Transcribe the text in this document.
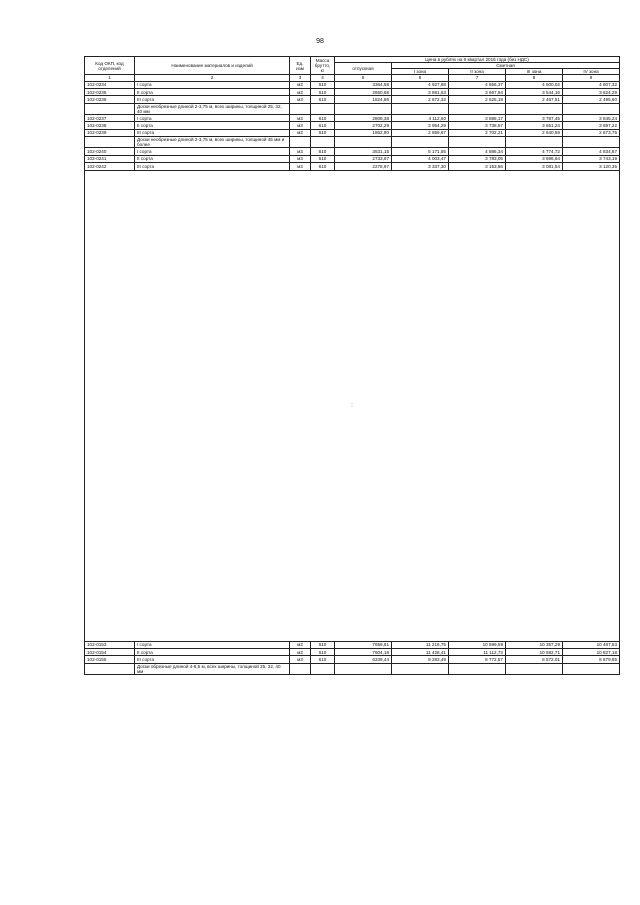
98
Код ОКП, код отделений	Наименование материалов и изделий	Ед. изм	Масса брутто, кг	Цена в рублях на II квартал 2016 года (без НДС)				
				отпускная	Сметная			
					I зона	II зона	III зона	IV зона
1	2	3	4	5	6	7	8	9
102-0234	I сорта	м3	610	3364,58	4 927,68	4 656,37	4 500,02	4 607,32
102-0235	II сорта	м3	610	2650,68	3 881,63	3 667,94	3 544,16	3 624,29
102-0236	III сорта	м3	610	1824,86	2 672,32	2 525,19	2 467,51	2 495,60
	Доски необрезные длиной 2-3,75 м, всех ширины, толщиной 25, 32, 40 мм							
102-0237	I сорта	м3	610	2808,38	4 112,60	3 886,17	3 787,45	3 845,24
102-0238	II сорта	м3	610	2702,29	3 954,29	3 738,57	3 651,24	3 697,22
102-0239	III сорта	м3	610	1862,80	2 859,67	2 702,21	2 640,59	2 673,75
	Доски необрезные длиной 2-3,75 м, всех ширины, толщиной 45 мм и более							
102-0240	I сорта	м3	610	3531,15	5 171,55	4 886,34	4 774,72	4 834,67
102-0241	II сорта	м3	610	2733,67	4 003,47	3 783,05	3 696,64	3 743,19
102-0242	III сорта	м3	610	2278,97	3 337,30	3 153,56	3 081,54	3 120,35
⋮								
102-0153	I сорта	м3	610	7659,61	11 216,75	10 599,59	10 357,29	10 487,53
102-0154	II сорта	м3	610	7604,18	11 428,41	11 112,73	10 682,71	10 827,18
102-0155	III сорта	м3	610	6339,44	9 283,49	8 772,57	8 572,01	8 679,85
	Доски обрезные длиной 4-6,5 м, всех ширины, толщиной 25, 32, 40 мм							
